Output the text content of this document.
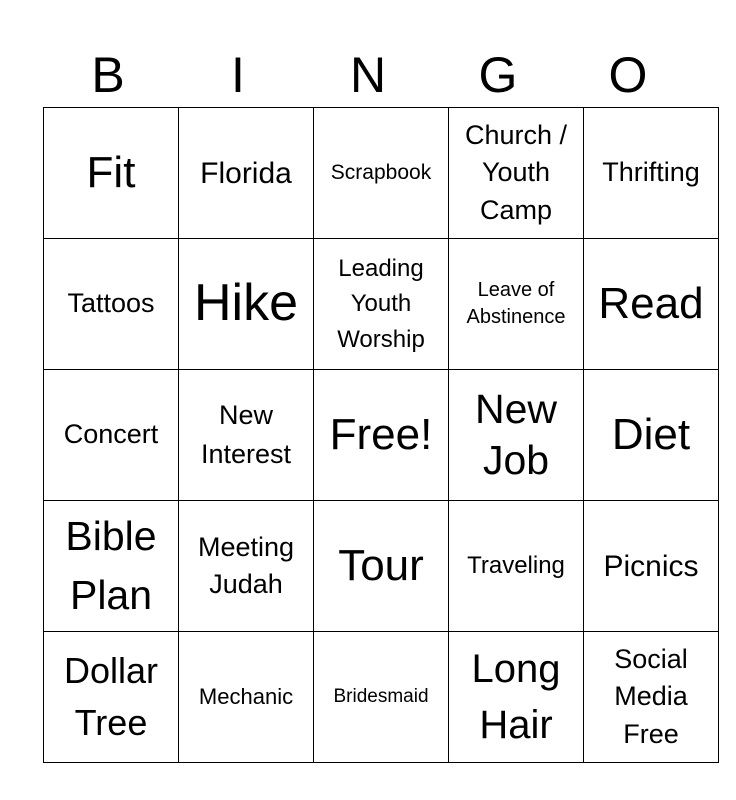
B	I	N	G	O
Fit	Florida	Scrapbook	Church / Youth Camp	Thrifting
Tattoos	Hike	Leading Youth Worship	Leave of Abstinence	Read
Concert	New Interest	Free!	New Job	Diet
Bible Plan	Meeting Judah	Tour	Traveling	Picnics
Dollar Tree	Mechanic	Bridesmaid	Long Hair	Social Media Free
